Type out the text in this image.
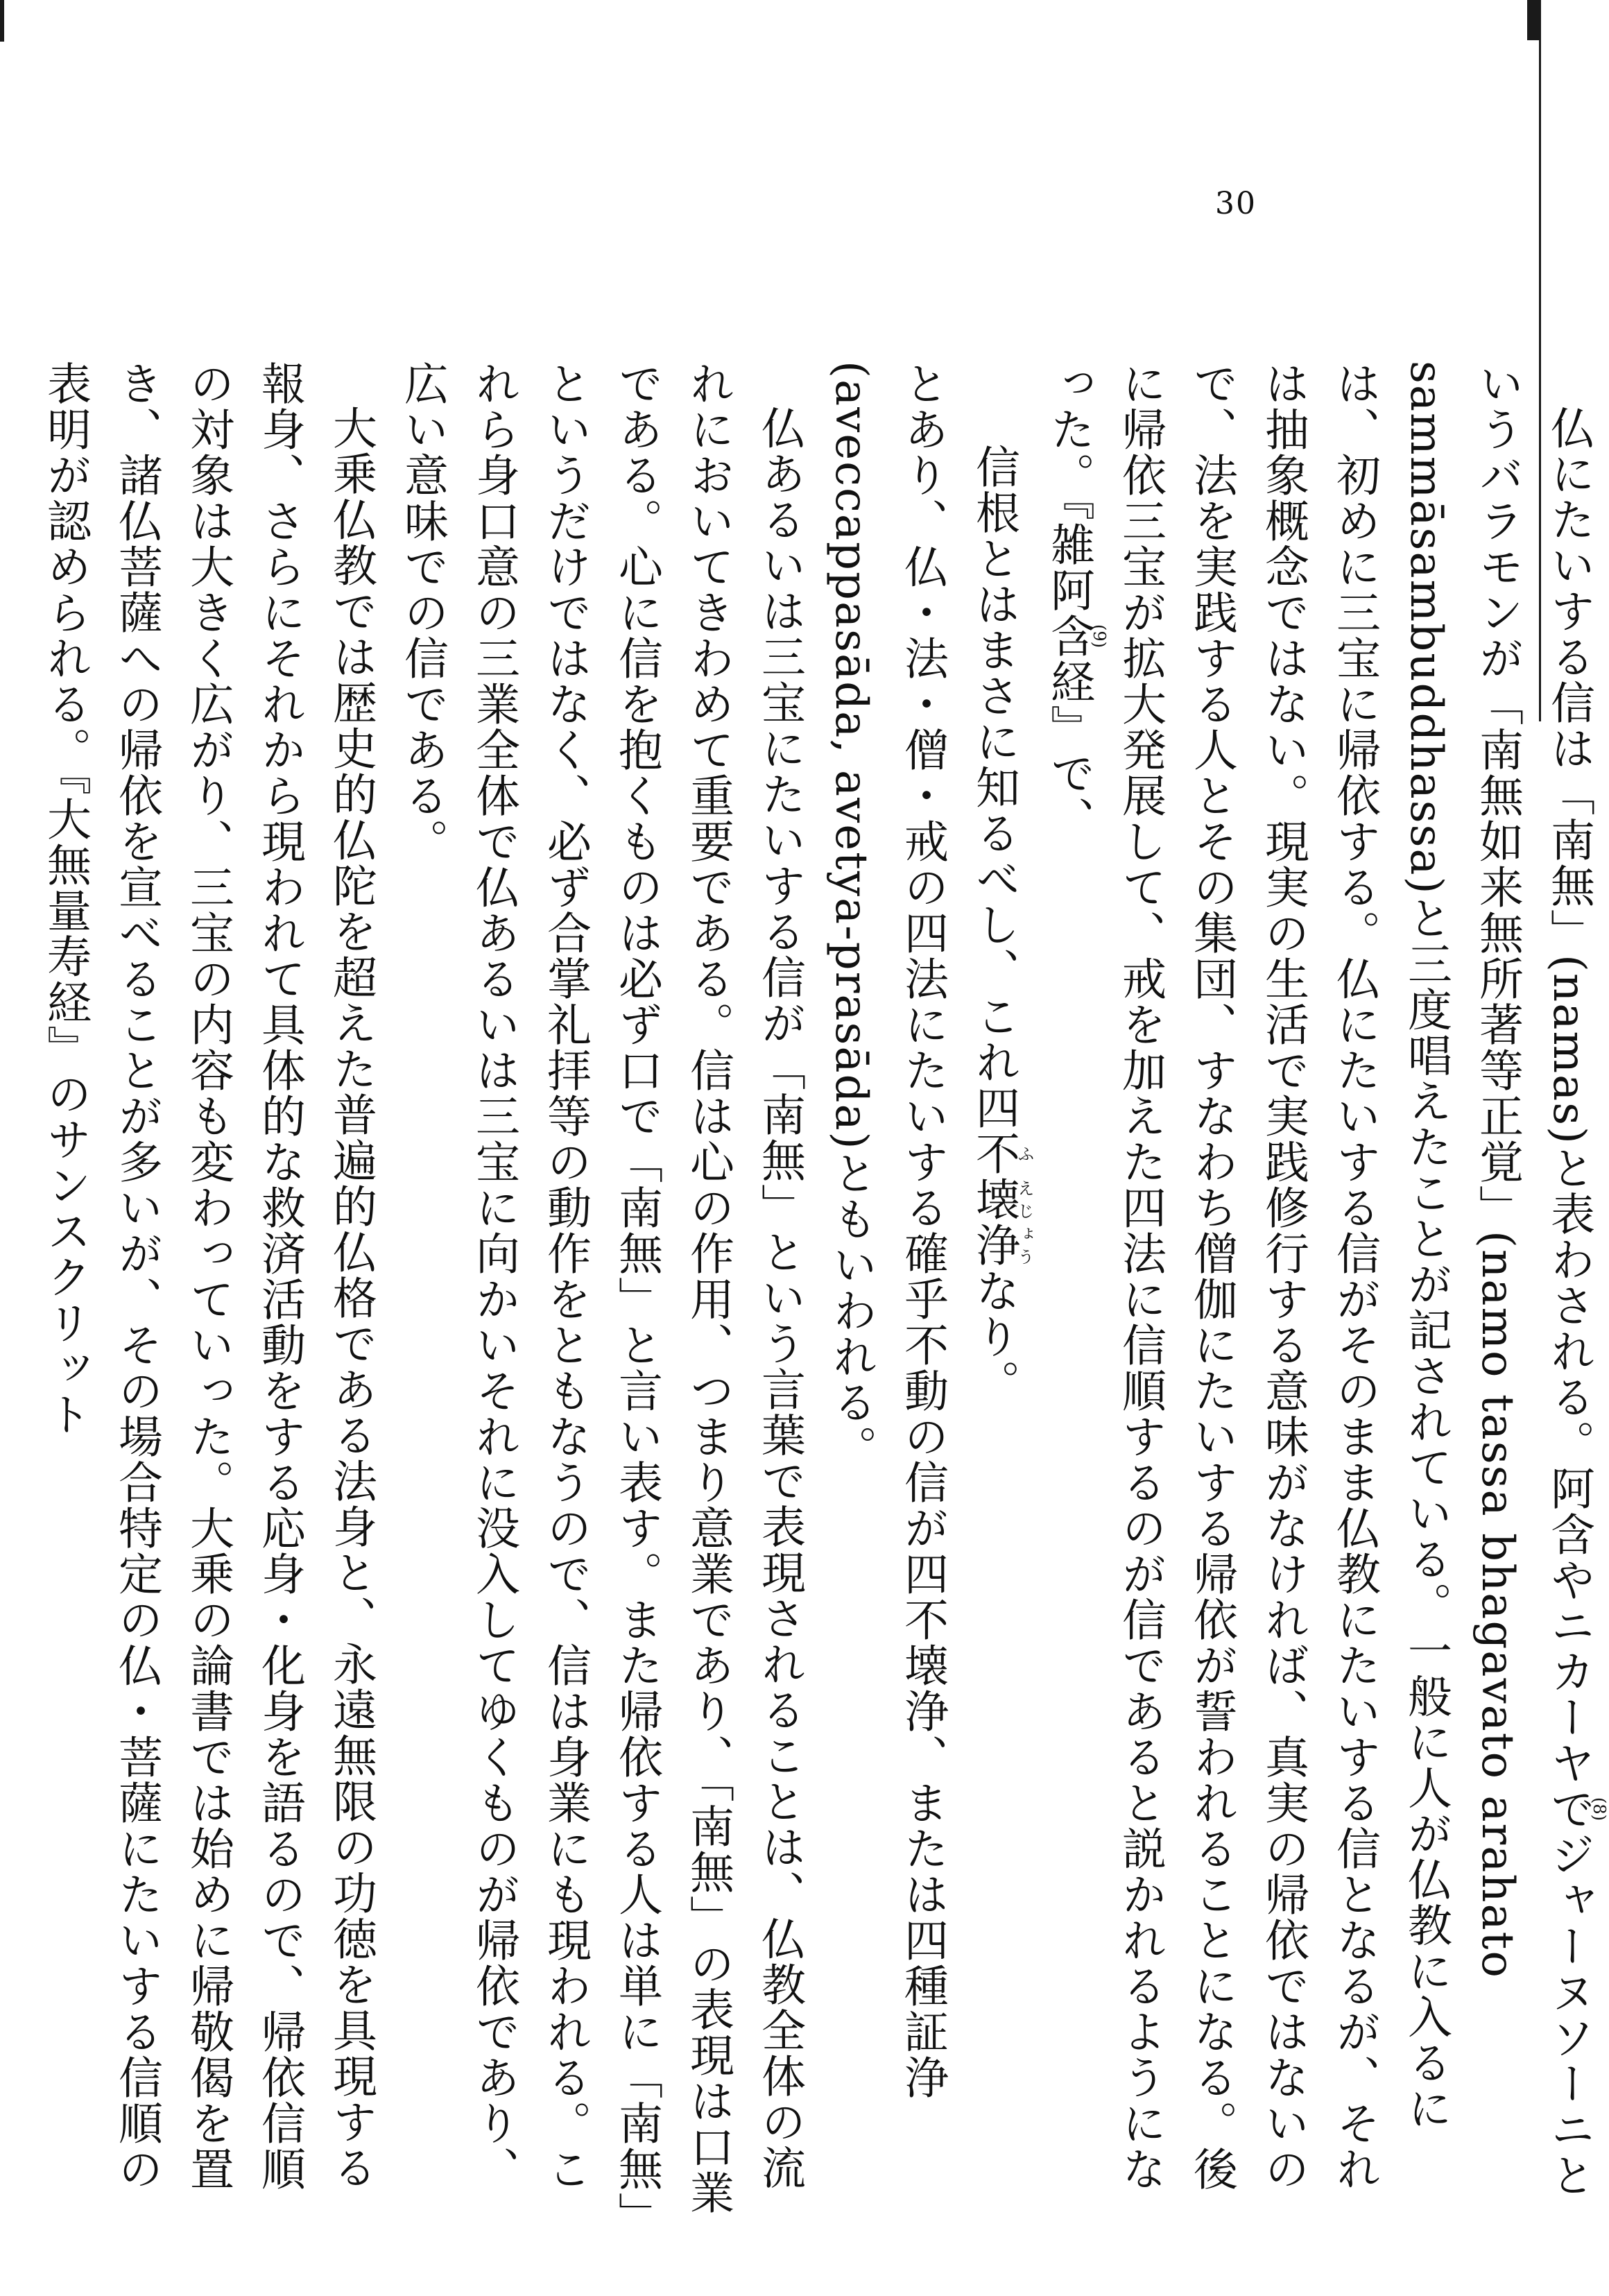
30

仏にたいする信は「南無」(namas)と表わされる。阿含やニカーヤで(8)ジャーヌソーニというバラモンが「南無如来無所著等正覚」(namo tassa bhagavato arahato sammāsambuddhassa)と三度唱えたことが記されている。一般に人が仏教に入るには、初めに三宝に帰依する。仏にたいする信がそのまま仏教にたいする信となるが、それは抽象概念ではない。現実の生活で実践修行する意味がなければ、真実の帰依ではないので、法を実践する人とその集団、すなわち僧伽にたいする帰依が誓われることになる。後に帰依三宝が拡大発展して、戒を加えた四法に信順するのが信であると説かれるようになった。『雑阿含(9)経』で、

信根とはまさに知るべし、これ四不ふ壊浄えじょうなり。

とあり、仏・法・僧・戒の四法にたいする確乎不動の信が四不壊浄、または四種証浄(aveccappasāda, avetya-prasāda)ともいわれる。

仏あるいは三宝にたいする信が「南無」という言葉で表現されることは、仏教全体の流れにおいてきわめて重要である。信は心の作用、つまり意業であり、「南無」の表現は口業である。心に信を抱くものは必ず口で「南無」と言い表す。また帰依する人は単に「南無」というだけではなく、必ず合掌礼拝等の動作をともなうので、信は身業にも現われる。これら身口意の三業全体で仏あるいは三宝に向かいそれに没入してゆくものが帰依であり、広い意味での信である。

大乗仏教では歴史的仏陀を超えた普遍的仏格である法身と、永遠無限の功徳を具現する報身、さらにそれから現われて具体的な救済活動をする応身・化身を語るので、帰依信順の対象は大きく広がり、三宝の内容も変わっていった。大乗の論書では始めに帰敬偈を置き、諸仏菩薩への帰依を宣べることが多いが、その場合特定の仏・菩薩にたいする信順の表明が認められる。『大無量寿経』のサンスクリット
